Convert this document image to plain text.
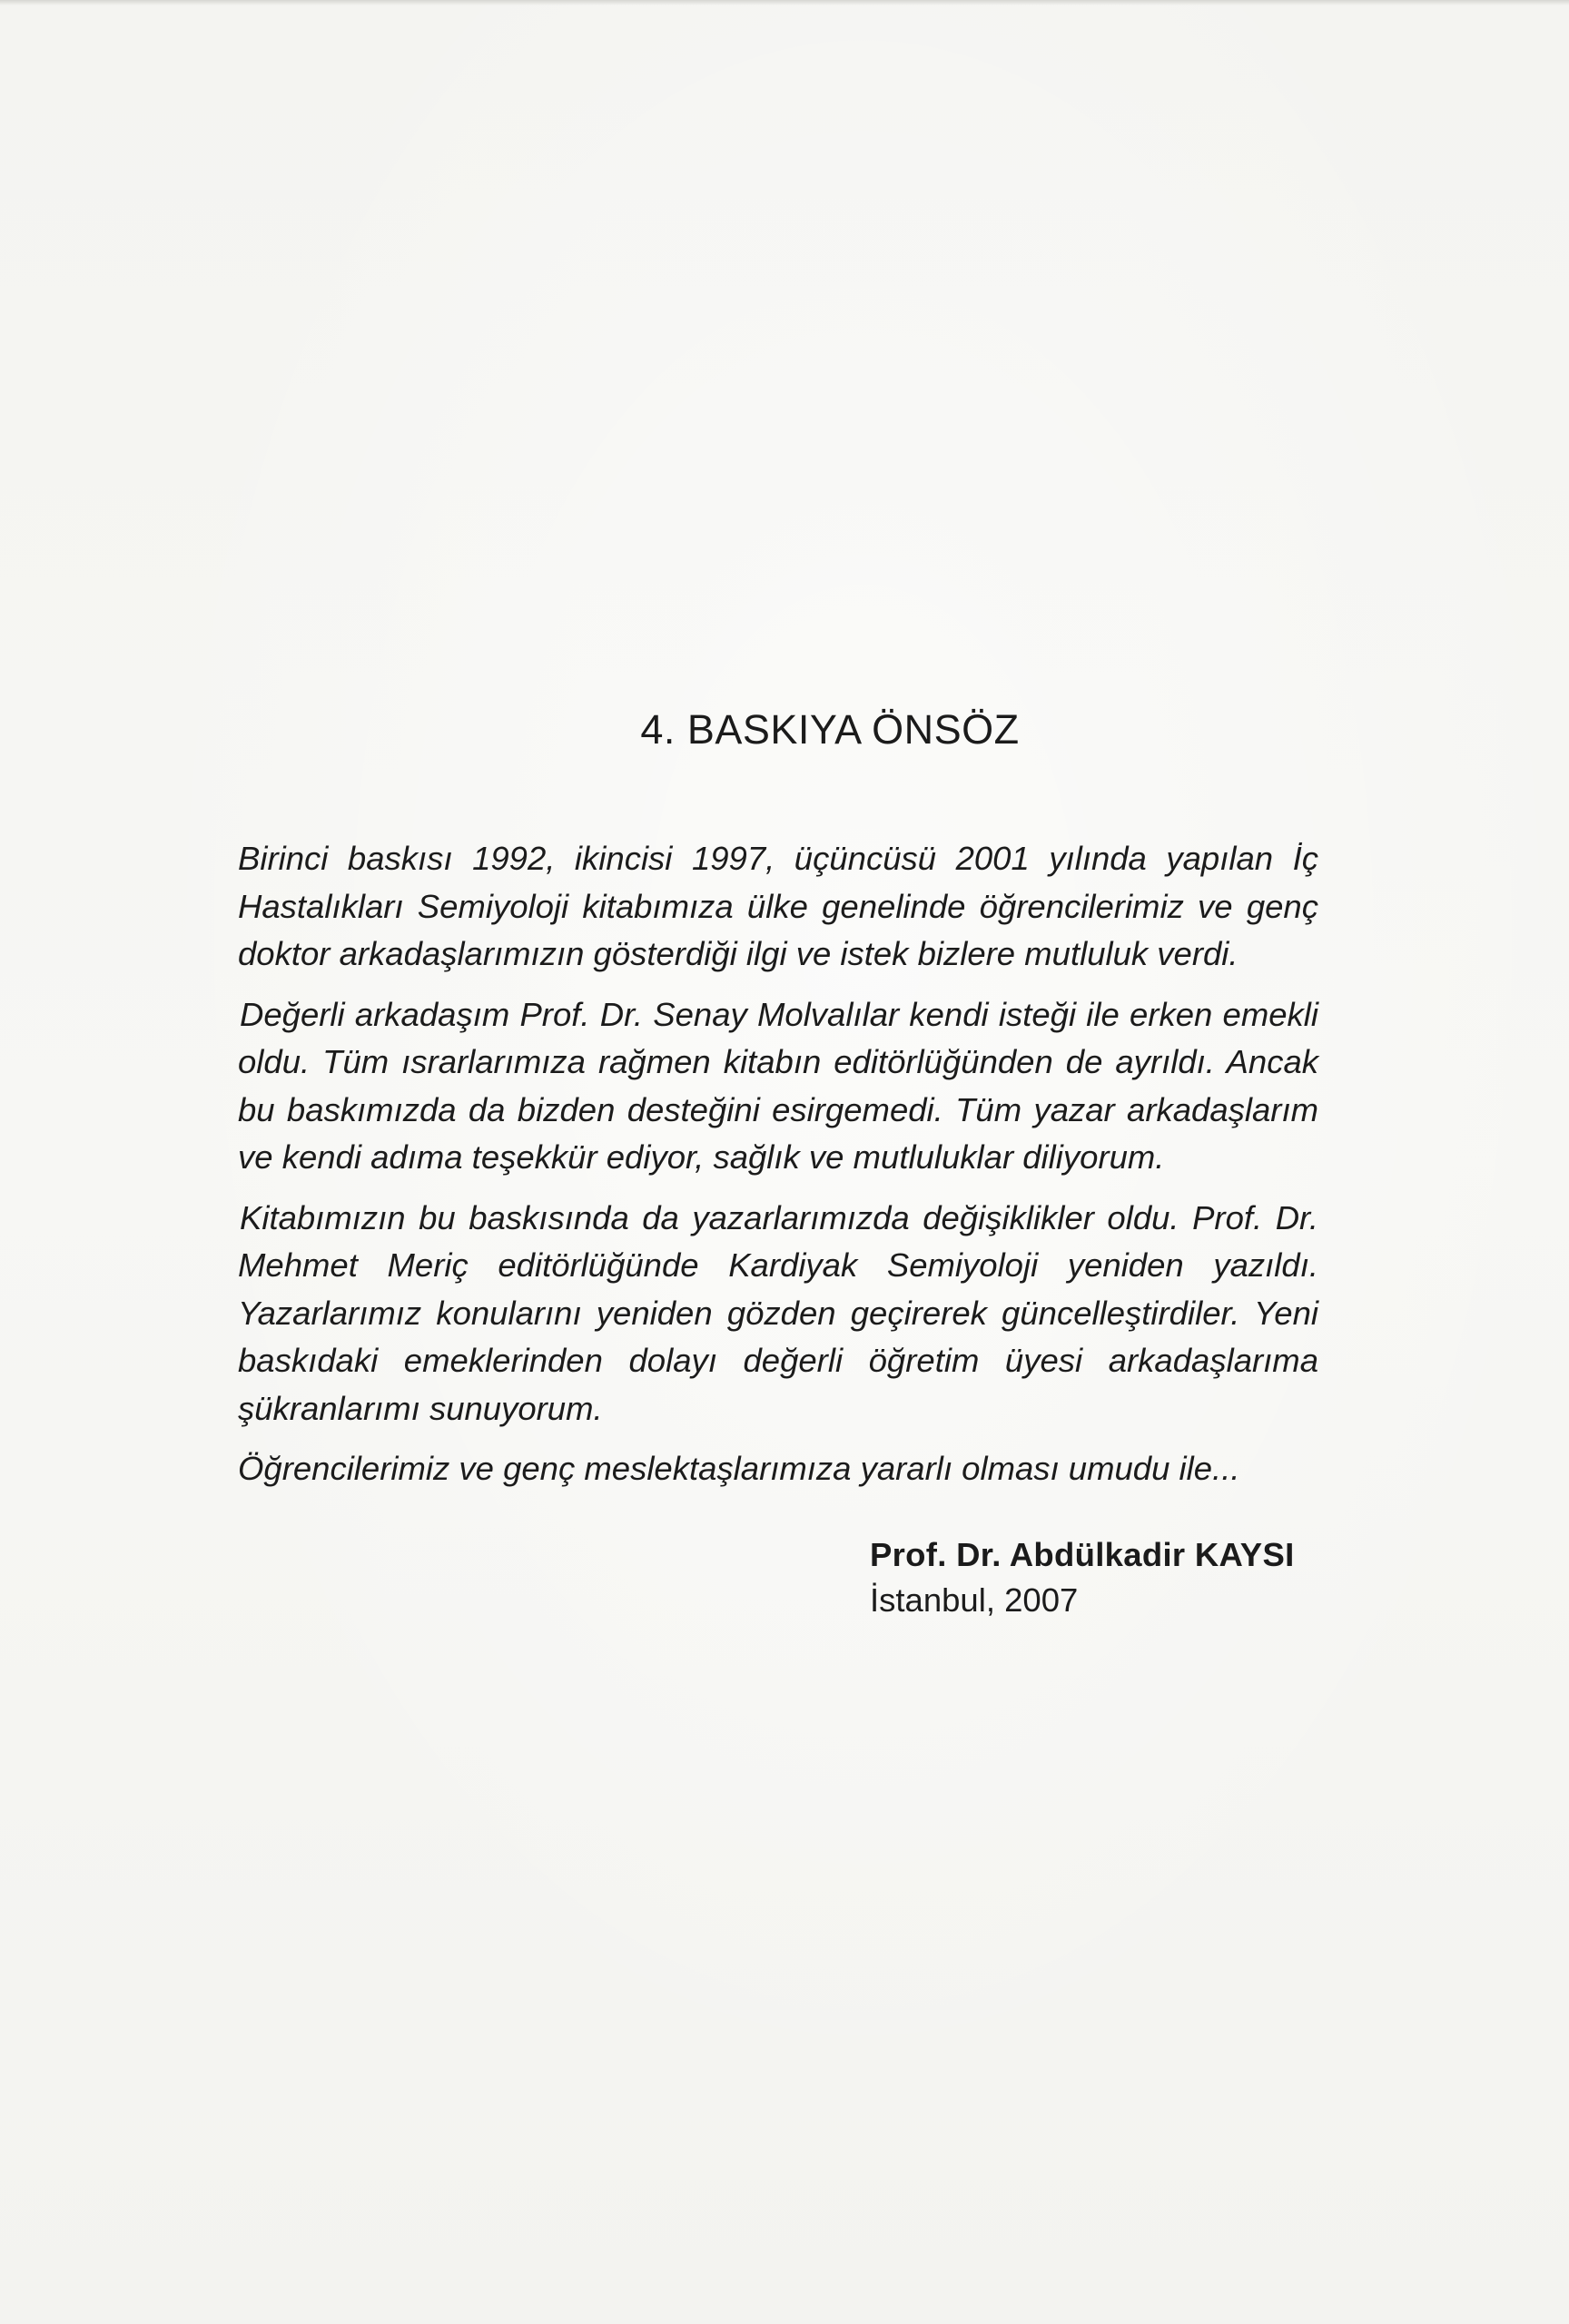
4. BASKIYA ÖNSÖZ

Birinci baskısı 1992, ikincisi 1997, üçüncüsü 2001 yılında yapılan İç Hastalıkları Semiyoloji kitabımıza ülke genelinde öğrencilerimiz ve genç doktor arkadaşlarımızın gösterdiği ilgi ve istek bizlere mutluluk verdi.

Değerli arkadaşım Prof. Dr. Senay Molvalılar kendi isteği ile erken emekli oldu. Tüm ısrarlarımıza rağmen kitabın editörlüğünden de ayrıldı. Ancak bu baskımızda da bizden desteğini esirgemedi. Tüm yazar arkadaşlarım ve kendi adıma teşekkür ediyor, sağlık ve mutluluklar diliyorum.

Kitabımızın bu baskısında da yazarlarımızda değişiklikler oldu. Prof. Dr. Mehmet Meriç editörlüğünde Kardiyak Semiyoloji yeniden yazıldı. Yazarlarımız konularını yeniden gözden geçirerek güncelleştirdiler. Yeni baskıdaki emeklerinden dolayı değerli öğretim üyesi arkadaşlarıma şükranlarımı sunuyorum.

Öğrencilerimiz ve genç meslektaşlarımıza yararlı olması umudu ile...

Prof. Dr. Abdülkadir KAYSI
İstanbul, 2007
